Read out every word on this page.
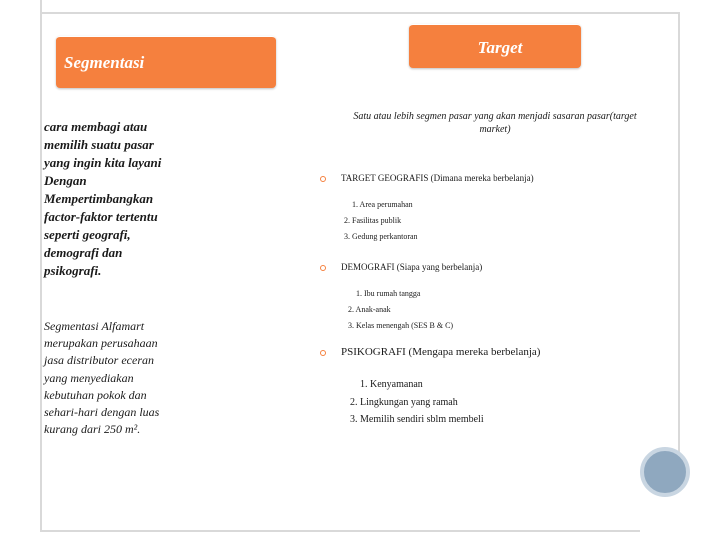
Segmentasi
Target
cara membagi atau
memilih suatu pasar
yang ingin kita layani
Dengan
Mempertimbangkan
factor-faktor tertentu
seperti geografi,
demografi dan
psikografi.
Segmentasi Alfamart
merupakan perusahaan
jasa distributor eceran
yang menyediakan
kebutuhan pokok dan
sehari-hari dengan luas
kurang dari 250 m².
Satu atau lebih segmen pasar yang akan menjadi sasaran pasar(target
market)
TARGET GEOGRAFIS (Dimana mereka berbelanja)
1. Area perumahan
2. Fasilitas publik
3. Gedung perkantoran
DEMOGRAFI (Siapa yang berbelanja)
1. Ibu rumah tangga
2. Anak-anak
3. Kelas menengah (SES B & C)
PSIKOGRAFI (Mengapa mereka berbelanja)
1. Kenyamanan
2. Lingkungan yang ramah
3. Memilih sendiri sblm membeli
